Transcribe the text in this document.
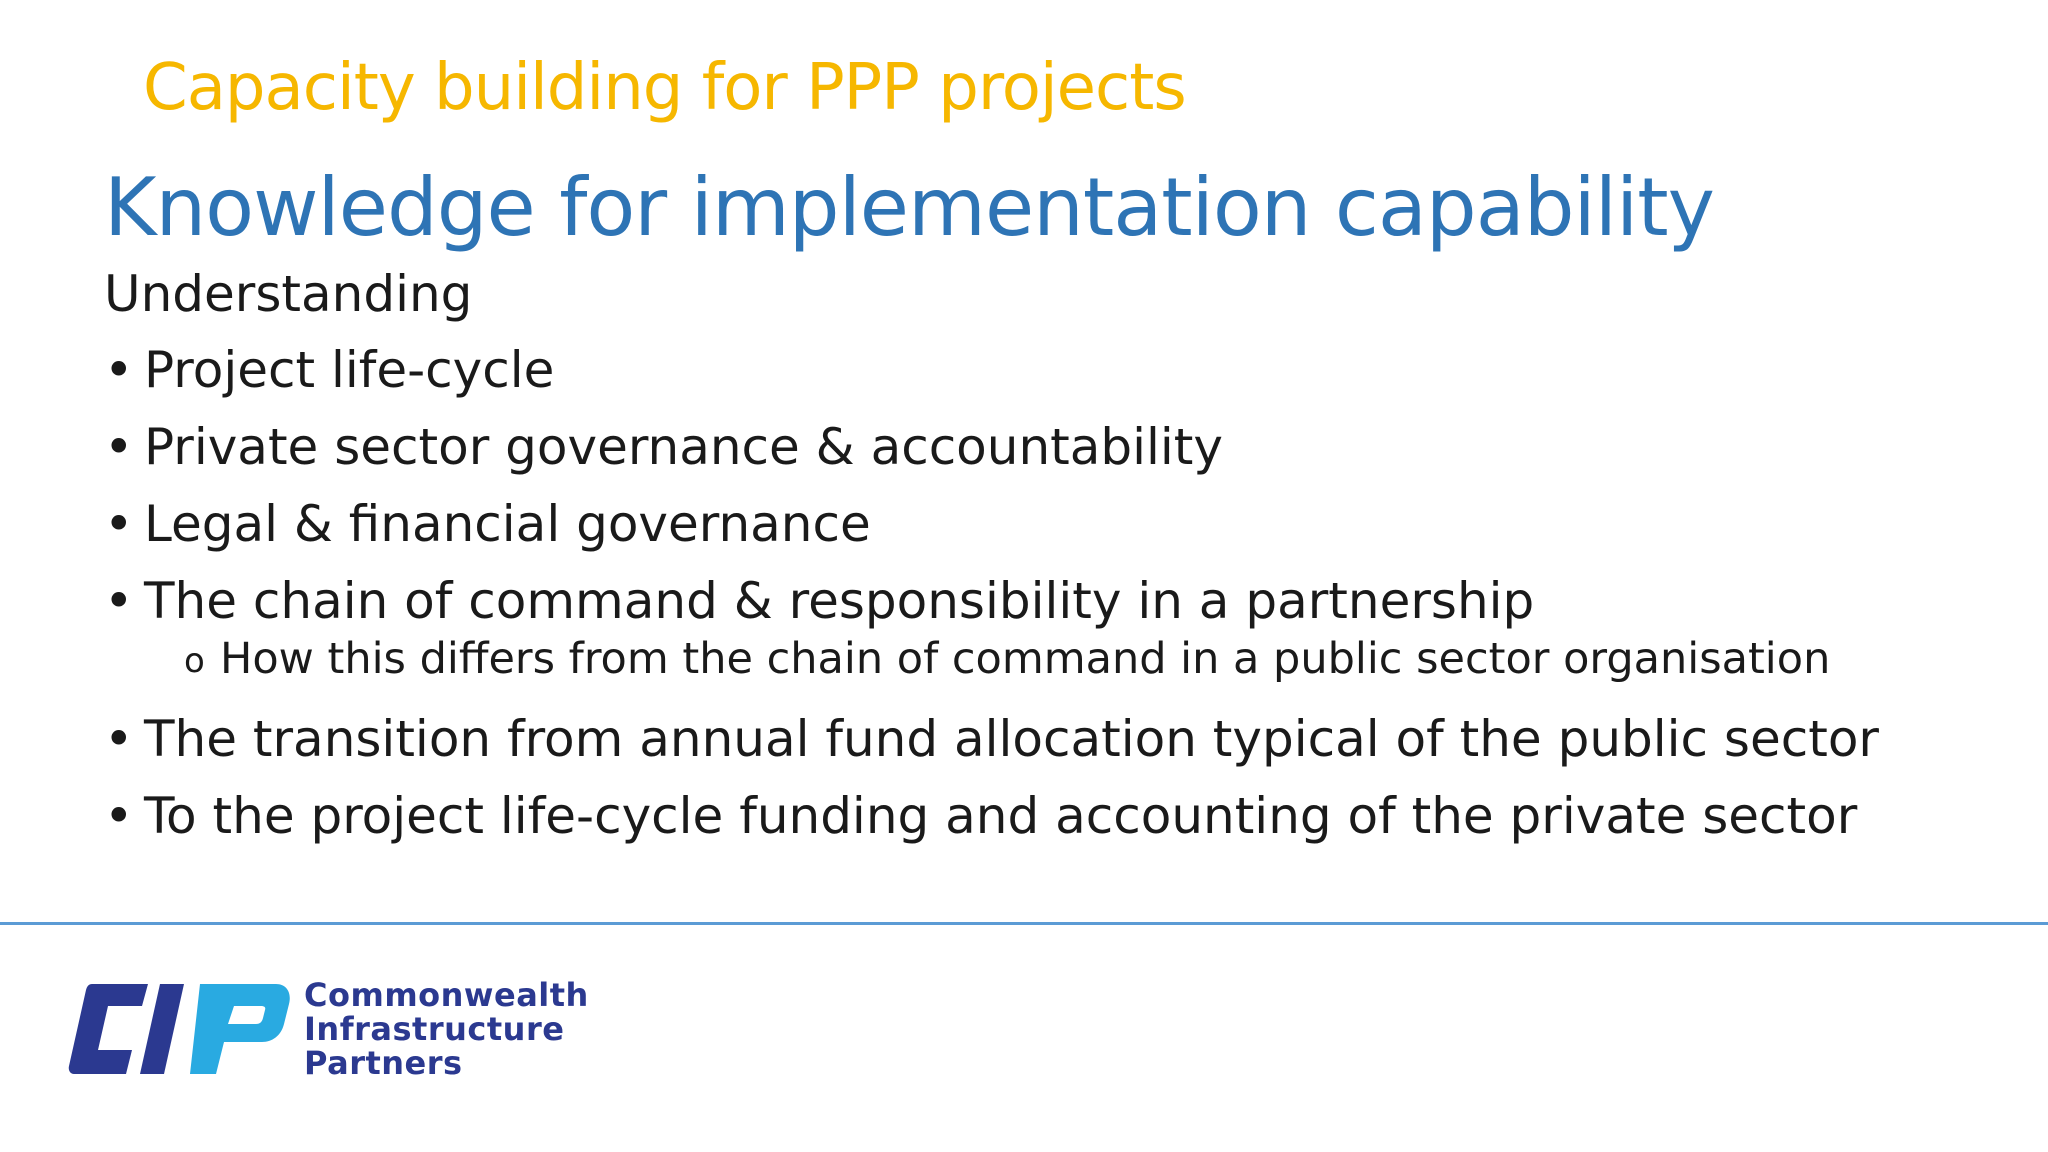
Capacity building for PPP projects
Knowledge for implementation capability
Understanding
• Project life-cycle
• Private sector governance & accountability
• Legal & financial governance
• The chain of command & responsibility in a partnership
o How this differs from the chain of command in a public sector organisation
• The transition from annual fund allocation typical of the public sector
• To the project life-cycle funding and accounting of the private sector
Commonwealth
Infrastructure
Partners
